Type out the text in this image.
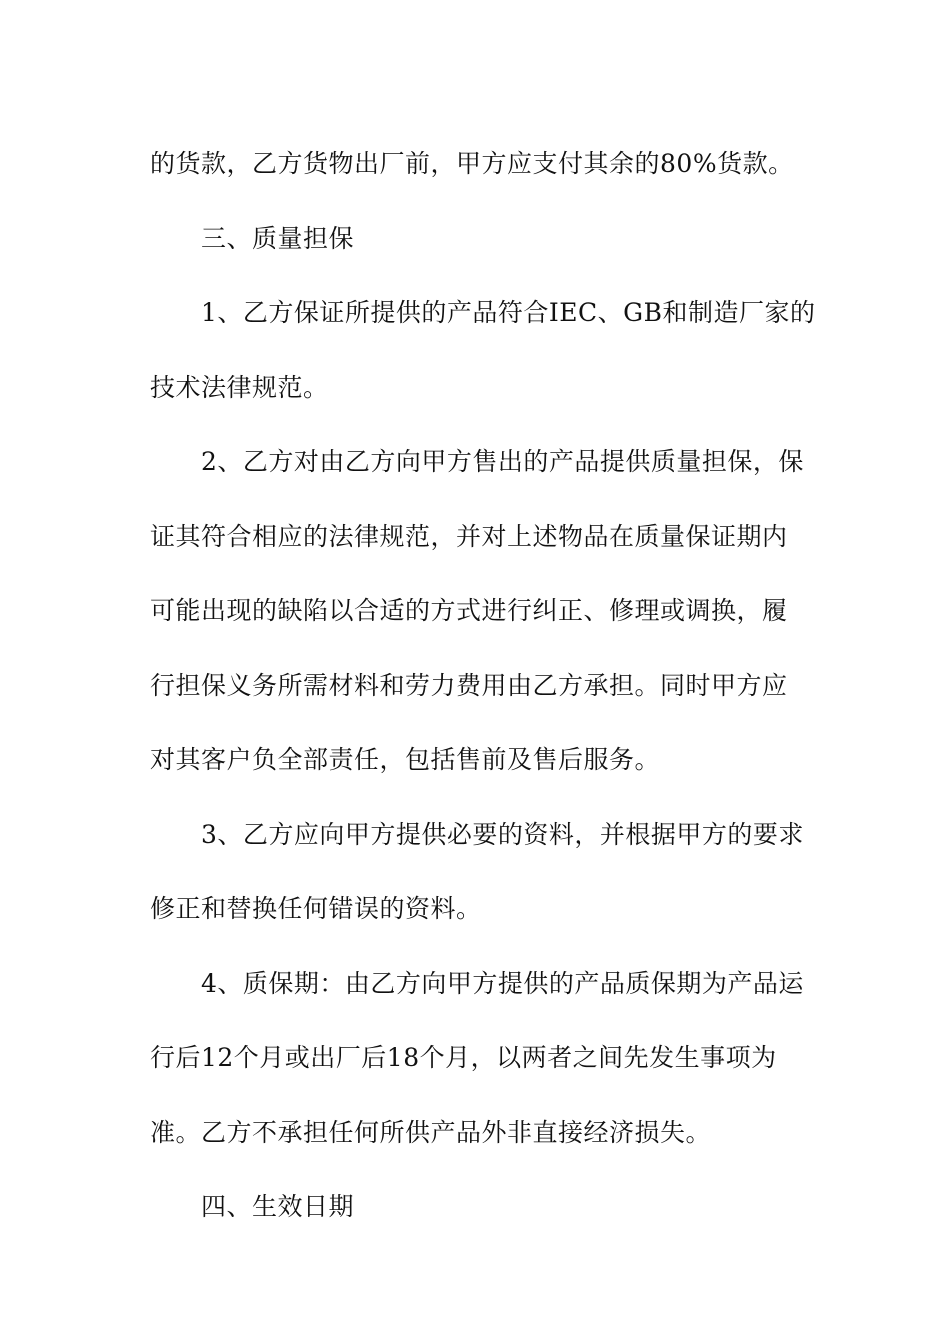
的货款，乙方货物出厂前，甲方应支付其余的80%货款。

三、质量担保

1、乙方保证所提供的产品符合IEC、GB和制造厂家的

技术法律规范。

2、乙方对由乙方向甲方售出的产品提供质量担保，保

证其符合相应的法律规范，并对上述物品在质量保证期内

可能出现的缺陷以合适的方式进行纠正、修理或调换，履

行担保义务所需材料和劳力费用由乙方承担。同时甲方应

对其客户负全部责任，包括售前及售后服务。

3、乙方应向甲方提供必要的资料，并根据甲方的要求

修正和替换任何错误的资料。

4、质保期：由乙方向甲方提供的产品质保期为产品运

行后12个月或出厂后18个月，以两者之间先发生事项为

准。乙方不承担任何所供产品外非直接经济损失。

四、生效日期
